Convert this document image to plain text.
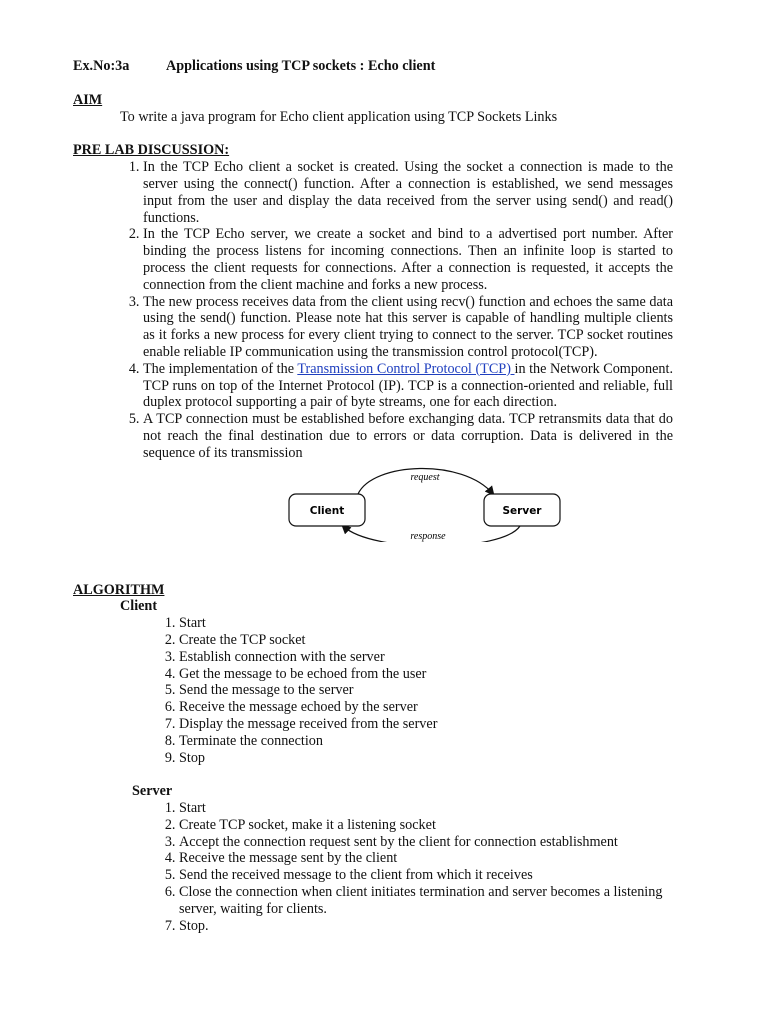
Ex.No:3a	Applications using TCP sockets : Echo client
AIM
To write a java program for Echo client application using TCP Sockets Links
PRE LAB DISCUSSION:
1. In the TCP Echo client a socket is created. Using the socket a connection is made to the server using the connect() function. After a connection is established, we send messages input from the user and display the data received from the server using send() and read() functions.
2. In the TCP Echo server, we create a socket and bind to a advertised port number. After binding the process listens for incoming connections. Then an infinite loop is started to process the client requests for connections. After a connection is requested, it accepts the connection from the client machine and forks a new process.
3. The new process receives data from the client using recv() function and echoes the same data using the send() function. Please note hat this server is capable of handling multiple clients as it forks a new process for every client trying to connect to the server. TCP socket routines enable reliable IP communication using the transmission control protocol(TCP).
4. The implementation of the Transmission Control Protocol (TCP) in the Network Component. TCP runs on top of the Internet Protocol (IP). TCP is a connection-oriented and reliable, full duplex protocol supporting a pair of byte streams, one for each direction.
5. A TCP connection must be established before exchanging data. TCP retransmits data that do not reach the final destination due to errors or data corruption. Data is delivered in the sequence of its transmission
Client	Server
request
response
ALGORITHM
Client
1. Start
2. Create the TCP socket
3. Establish connection with the server
4. Get the message to be echoed from the user
5. Send the message to the server
6. Receive the message echoed by the server
7. Display the message received from the server
8. Terminate the connection
9. Stop
Server
1. Start
2. Create TCP socket, make it a listening socket
3. Accept the connection request sent by the client for connection establishment
4. Receive the message sent by the client
5. Send the received message to the client from which it receives
6. Close the connection when client initiates termination and server becomes a listening server, waiting for clients.
7. Stop.
